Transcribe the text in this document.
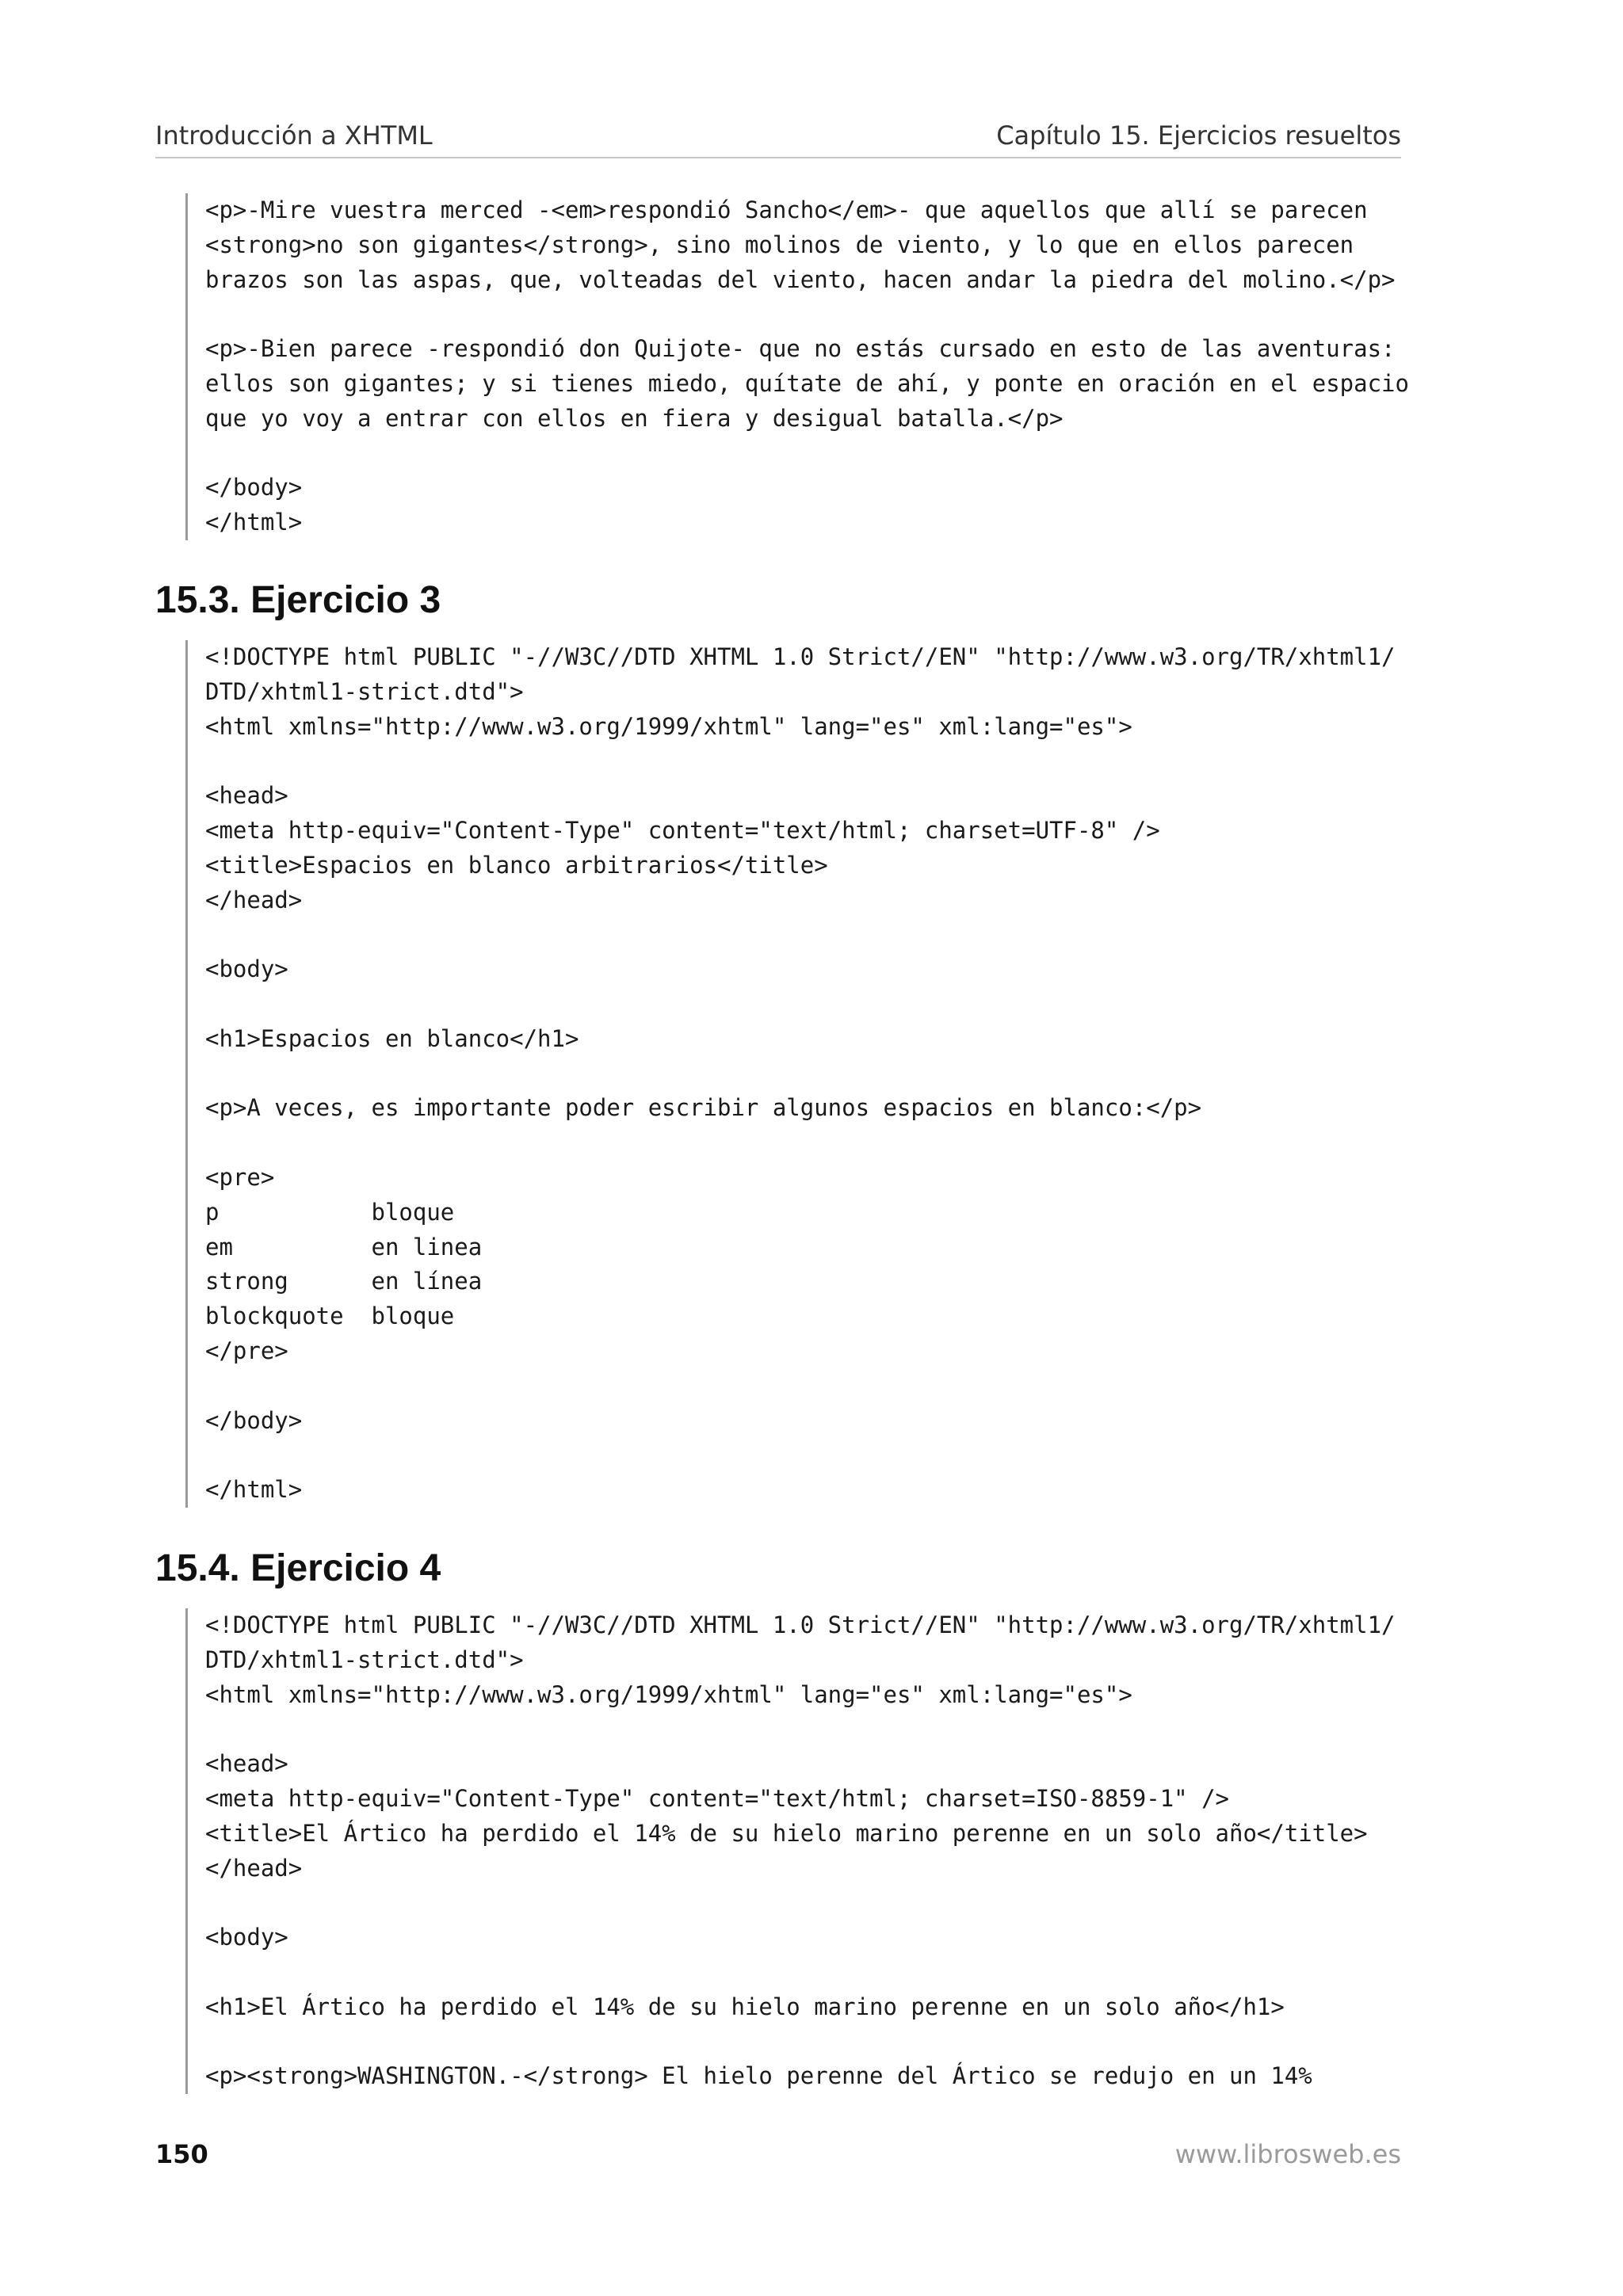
Introducción a XHTML	Capítulo 15. Ejercicios resueltos
<p>-Mire vuestra merced -<em>respondió Sancho</em>- que aquellos que allí se parecen
<strong>no son gigantes</strong>, sino molinos de viento, y lo que en ellos parecen
brazos son las aspas, que, volteadas del viento, hacen andar la piedra del molino.</p>
<p>-Bien parece -respondió don Quijote- que no estás cursado en esto de las aventuras:
ellos son gigantes; y si tienes miedo, quítate de ahí, y ponte en oración en el espacio
que yo voy a entrar con ellos en fiera y desigual batalla.</p>
</body>
</html>
15.3. Ejercicio 3
<!DOCTYPE html PUBLIC "-//W3C//DTD XHTML 1.0 Strict//EN" "http://www.w3.org/TR/xhtml1/
DTD/xhtml1-strict.dtd">
<html xmlns="http://www.w3.org/1999/xhtml" lang="es" xml:lang="es">
<head>
<meta http-equiv="Content-Type" content="text/html; charset=UTF-8" />
<title>Espacios en blanco arbitrarios</title>
</head>
<body>
<h1>Espacios en blanco</h1>
<p>A veces, es importante poder escribir algunos espacios en blanco:</p>
<pre>
p           bloque
em          en linea
strong      en línea
blockquote  bloque
</pre>
</body>
</html>
15.4. Ejercicio 4
<!DOCTYPE html PUBLIC "-//W3C//DTD XHTML 1.0 Strict//EN" "http://www.w3.org/TR/xhtml1/
DTD/xhtml1-strict.dtd">
<html xmlns="http://www.w3.org/1999/xhtml" lang="es" xml:lang="es">
<head>
<meta http-equiv="Content-Type" content="text/html; charset=ISO-8859-1" />
<title>El Ártico ha perdido el 14% de su hielo marino perenne en un solo año</title>
</head>
<body>
<h1>El Ártico ha perdido el 14% de su hielo marino perenne en un solo año</h1>
<p><strong>WASHINGTON.-</strong> El hielo perenne del Ártico se redujo en un 14%
150	www.librosweb.es
